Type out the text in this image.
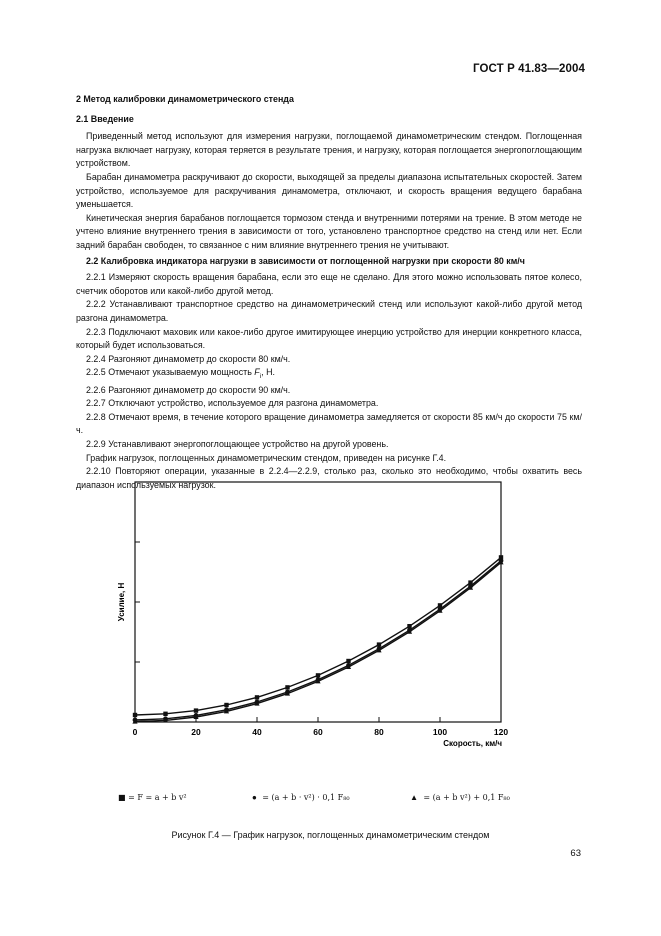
ГОСТ Р 41.83—2004

2 Метод калибровки динамометрического стенда

2.1 Введение

Приведенный метод используют для измерения нагрузки, поглощаемой динамометрическим стендом. Поглощенная нагрузка включает нагрузку, которая теряется в результате трения, и нагрузку, которая поглощается энергопоглощающим устройством.

Барабан динамометра раскручивают до скорости, выходящей за пределы диапазона испытательных скоростей. Затем устройство, используемое для раскручивания динамометра, отключают, и скорость вращения ведущего барабана уменьшается.

Кинетическая энергия барабанов поглощается тормозом стенда и внутренними потерями на трение. В этом методе не учтено влияние внутреннего трения в зависимости от того, установлено транспортное средство на стенд или нет. Если задний барабан свободен, то связанное с ним влияние внутреннего трения не учитывают.

2.2 Калибровка индикатора нагрузки в зависимости от поглощенной нагрузки при скорости 80 км/ч

2.2.1 Измеряют скорость вращения барабана, если это еще не сделано. Для этого можно использовать пятое колесо, счетчик оборотов или какой-либо другой метод.

2.2.2 Устанавливают транспортное средство на динамометрический стенд или используют какой-либо другой метод разгона динамометра.

2.2.3 Подключают маховик или какое-либо другое имитирующее инерцию устройство для инерции конкретного класса, который будет использоваться.

2.2.4 Разгоняют динамометр до скорости 80 км/ч.

2.2.5 Отмечают указываемую мощность $F_i$, Н.

2.2.6 Разгоняют динамометр до скорости 90 км/ч.

2.2.7 Отключают устройство, используемое для разгона динамометра.

2.2.8 Отмечают время, в течение которого вращение динамометра замедляется от скорости 85 км/ч до скорости 75 км/ч.

2.2.9 Устанавливают энергопоглощающее устройство на другой уровень.

График нагрузок, поглощенных динамометрическим стендом, приведен на рисунке Г.4.

2.2.10 Повторяют операции, указанные в 2.2.4—2.2.9, столько раз, сколько это необходимо, чтобы охватить весь диапазон используемых нагрузок.

0	20	40	60	80	100	120
Усилие, Н
Скорость, км/ч
■ = F = a + b v²	● = (a + b · v²) · 0,1 F₈₀	▲ = (a + b v²) + 0,1 F₈₀
Рисунок Г.4 — График нагрузок, поглощенных динамометрическим стендом
63
